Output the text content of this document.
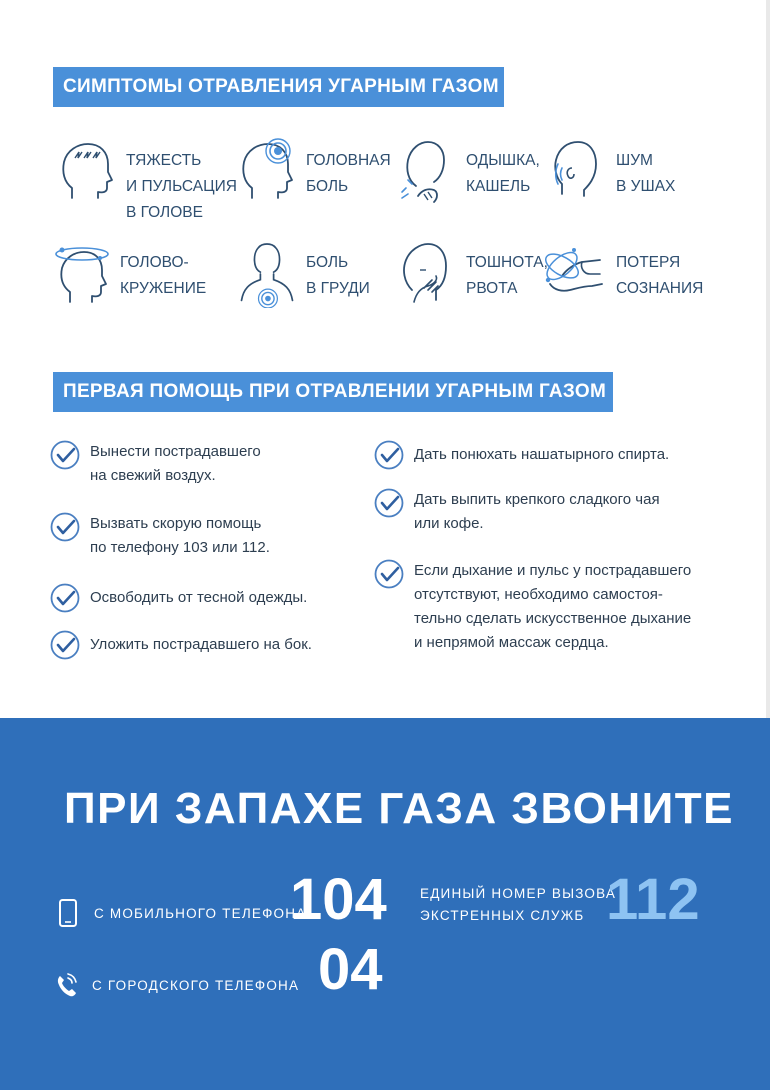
СИМПТОМЫ ОТРАВЛЕНИЯ УГАРНЫМ ГАЗОМ
ТЯЖЕСТЬ
И ПУЛЬСАЦИЯ
В ГОЛОВЕ
ГОЛОВНАЯ
БОЛЬ
ОДЫШКА,
КАШЕЛЬ
ШУМ
В УШАХ
ГОЛОВО-
КРУЖЕНИЕ
БОЛЬ
В ГРУДИ
ТОШНОТА,
РВОТА
ПОТЕРЯ
СОЗНАНИЯ
ПЕРВАЯ ПОМОЩЬ ПРИ ОТРАВЛЕНИИ УГАРНЫМ ГАЗОМ
Вынести пострадавшего
на свежий воздух.
Вызвать скорую помощь
по телефону 103 или 112.
Освободить от тесной одежды.
Уложить пострадавшего на бок.
Дать понюхать нашатырного спирта.
Дать выпить крепкого сладкого чая
или кофе.
Если дыхание и пульс у пострадавшего
отсутствуют, необходимо самостоя-
тельно сделать искусственное дыхание
и непрямой массаж сердца.
ПРИ ЗАПАХЕ ГАЗА ЗВОНИТЕ
С МОБИЛЬНОГО ТЕЛЕФОНА
104
С ГОРОДСКОГО ТЕЛЕФОНА 04
ЕДИНЫЙ НОМЕР ВЫЗОВА
ЭКСТРЕННЫХ СЛУЖБ 112
